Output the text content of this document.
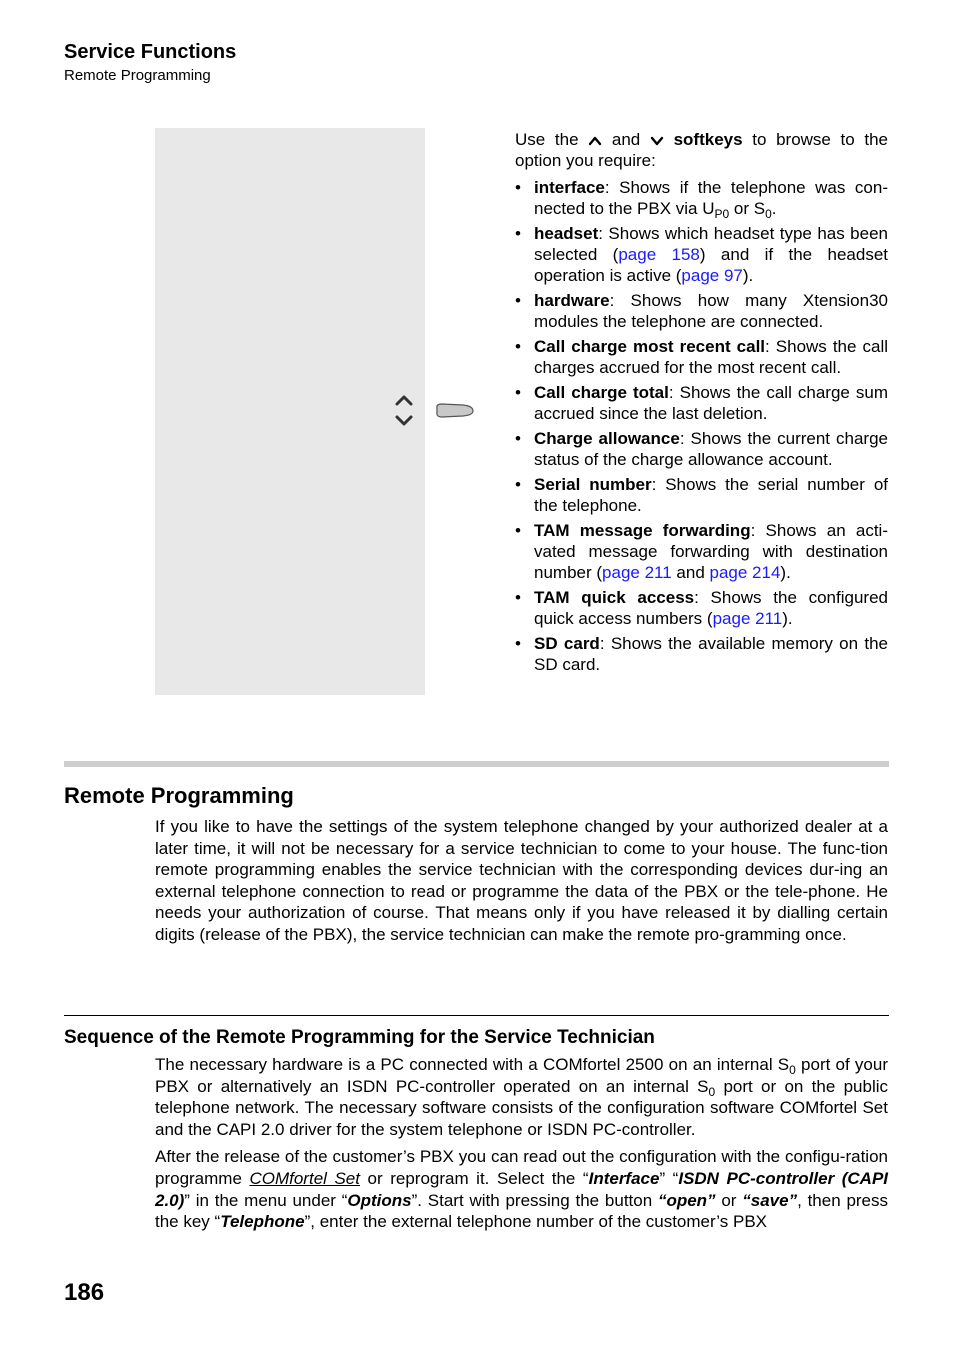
Service Functions
Remote Programming

Use the and softkeys to browse to the option you require:

• interface: Shows if the telephone was con-nected to the PBX via $U_{P0}$ or $S_0$.
• headset: Shows which headset type has been selected (page 158) and if the headset operation is active (page 97).
• hardware: Shows how many Xtension30 modules the telephone are connected.
• Call charge most recent call: Shows the call charges accrued for the most recent call.
• Call charge total: Shows the call charge sum accrued since the last deletion.
• Charge allowance: Shows the current charge status of the charge allowance account.
• Serial number: Shows the serial number of the telephone.
• TAM message forwarding: Shows an acti-vated message forwarding with destination number (page 211 and page 214).
• TAM quick access: Shows the configured quick access numbers (page 211).
• SD card: Shows the available memory on the SD card.
Remote Programming

If you like to have the settings of the system telephone changed by your authorized dealer at a later time, it will not be necessary for a service technician to come to your house. The func-tion remote programming enables the service technician with the corresponding devices dur-ing an external telephone connection to read or programme the data of the PBX or the tele-phone. He needs your authorization of course. That means only if you have released it by dialling certain digits (release of the PBX), the service technician can make the remote pro-gramming once.

Sequence of the Remote Programming for the Service Technician

The necessary hardware is a PC connected with a COMfortel 2500 on an internal $S_0$ port of your PBX or alternatively an ISDN PC-controller operated on an internal $S_0$ port or on the public telephone network. The necessary software consists of the configuration software COMfortel Set and the CAPI 2.0 driver for the system telephone or ISDN PC-controller.

After the release of the customer’s PBX you can read out the configuration with the configu-ration programme COMfortel Set or reprogram it. Select the “Interface” “ISDN PC-controller (CAPI 2.0)” in the menu under “Options”. Start with pressing the button “open” or “save”, then press the key “Telephone”, enter the external telephone number of the customer’s PBX

186
